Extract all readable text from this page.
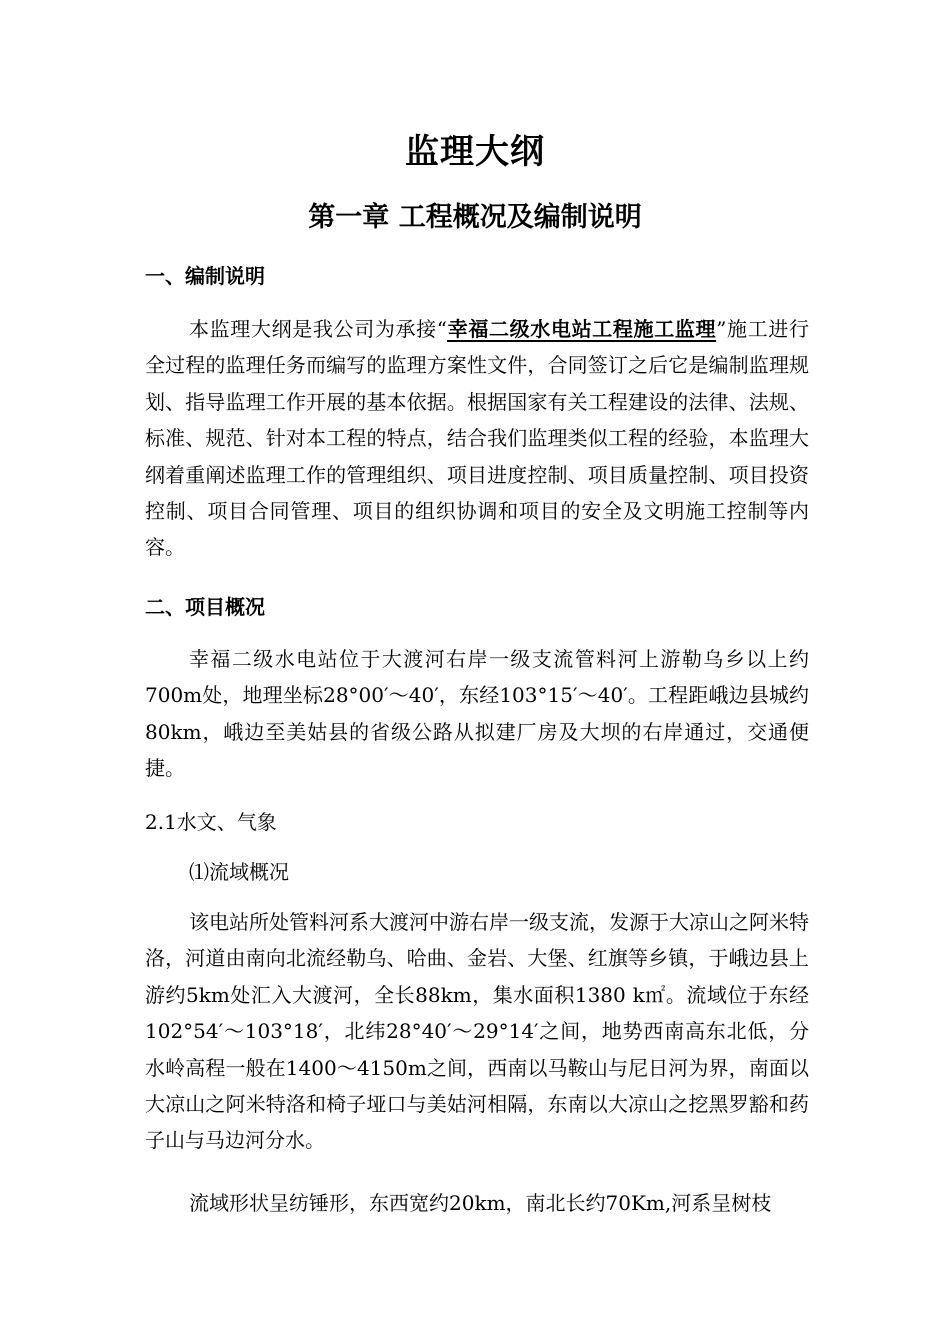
监理大纲
第一章 工程概况及编制说明
一、编制说明

本监理大纲是我公司为承接“幸福二级水电站工程施工监理”施工进行全过程的监理任务而编写的监理方案性文件，合同签订之后它是编制监理规划、指导监理工作开展的基本依据。根据国家有关工程建设的法律、法规、标准、规范、针对本工程的特点，结合我们监理类似工程的经验，本监理大纲着重阐述监理工作的管理组织、项目进度控制、项目质量控制、项目投资控制、项目合同管理、项目的组织协调和项目的安全及文明施工控制等内容。

二、项目概况

幸福二级水电站位于大渡河右岸一级支流管料河上游勒乌乡以上约700m处，地理坐标28°00′～40′，东经103°15′～40′。工程距峨边县城约80km，峨边至美姑县的省级公路从拟建厂房及大坝的右岸通过，交通便捷。

2.1水文、气象
⑴流域概况

该电站所处管料河系大渡河中游右岸一级支流，发源于大凉山之阿米特洛，河道由南向北流经勒乌、哈曲、金岩、大堡、红旗等乡镇，于峨边县上游约5km处汇入大渡河，全长88km，集水面积1380 k㎡。流域位于东经102°54′～103°18′，北纬28°40′～29°14′之间，地势西南高东北低，分水岭高程一般在1400～4150m之间，西南以马鞍山与尼日河为界，南面以大凉山之阿米特洛和椅子垭口与美姑河相隔，东南以大凉山之挖黑罗豁和药子山与马边河分水。

流域形状呈纺锤形，东西宽约20km，南北长约70Km,河系呈树枝
